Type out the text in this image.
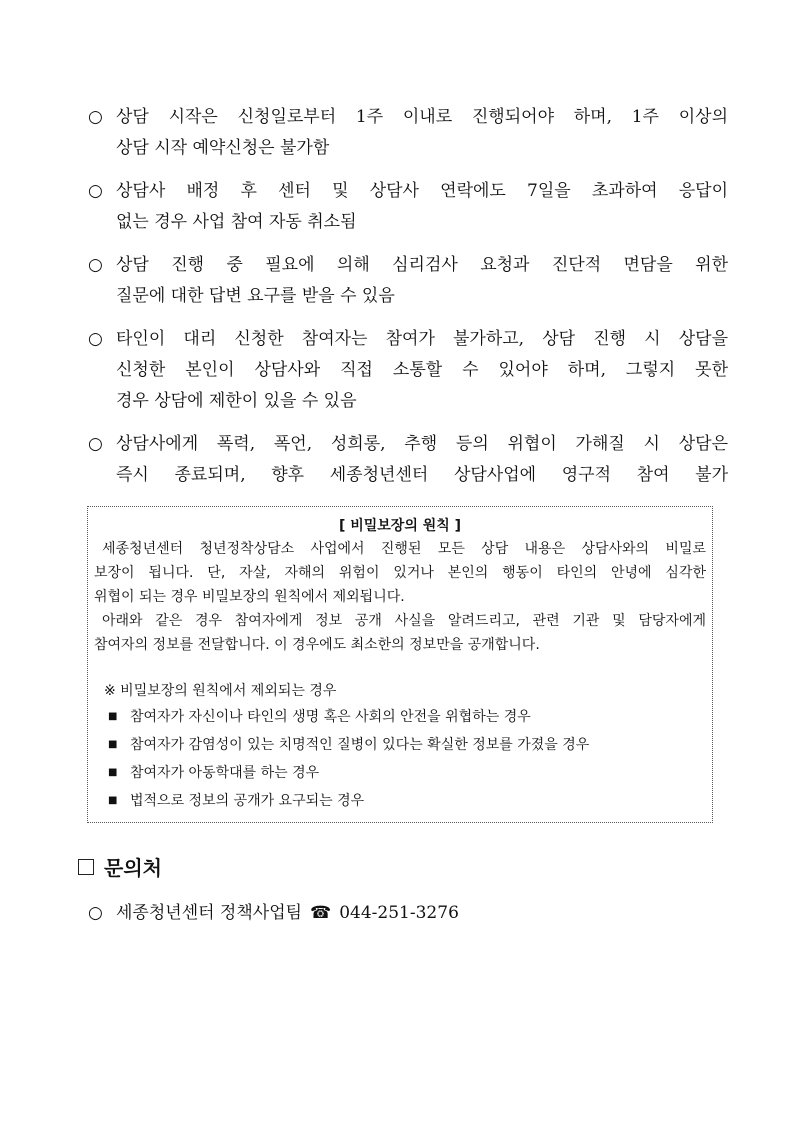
○ 상담 시작은 신청일로부터 1주 이내로 진행되어야 하며, 1주 이상의
상담 시작 예약신청은 불가함
○ 상담사 배정 후 센터 및 상담사 연락에도 7일을 초과하여 응답이
없는 경우 사업 참여 자동 취소됨
○ 상담 진행 중 필요에 의해 심리검사 요청과 진단적 면담을 위한
질문에 대한 답변 요구를 받을 수 있음
○ 타인이 대리 신청한 참여자는 참여가 불가하고, 상담 진행 시 상담을
신청한 본인이 상담사와 직접 소통할 수 있어야 하며, 그렇지 못한
경우 상담에 제한이 있을 수 있음
○ 상담사에게 폭력, 폭언, 성희롱, 추행 등의 위협이 가해질 시 상담은
즉시 종료되며, 향후 세종청년센터 상담사업에 영구적 참여 불가
[ 비밀보장의 원칙 ]
세종청년센터 청년정착상담소 사업에서 진행된 모든 상담 내용은 상담사와의 비밀로
보장이 됩니다. 단, 자살, 자해의 위험이 있거나 본인의 행동이 타인의 안녕에 심각한
위협이 되는 경우 비밀보장의 원칙에서 제외됩니다.
아래와 같은 경우 참여자에게 정보 공개 사실을 알려드리고, 관련 기관 및 담당자에게
참여자의 정보를 전달합니다. 이 경우에도 최소한의 정보만을 공개합니다.
※ 비밀보장의 원칙에서 제외되는 경우
■ 참여자가 자신이나 타인의 생명 혹은 사회의 안전을 위협하는 경우
■ 참여자가 감염성이 있는 치명적인 질병이 있다는 확실한 정보를 가졌을 경우
■ 참여자가 아동학대를 하는 경우
■ 법적으로 정보의 공개가 요구되는 경우
문의처
○ 세종청년센터 정책사업팀 ☎ 044-251-3276
